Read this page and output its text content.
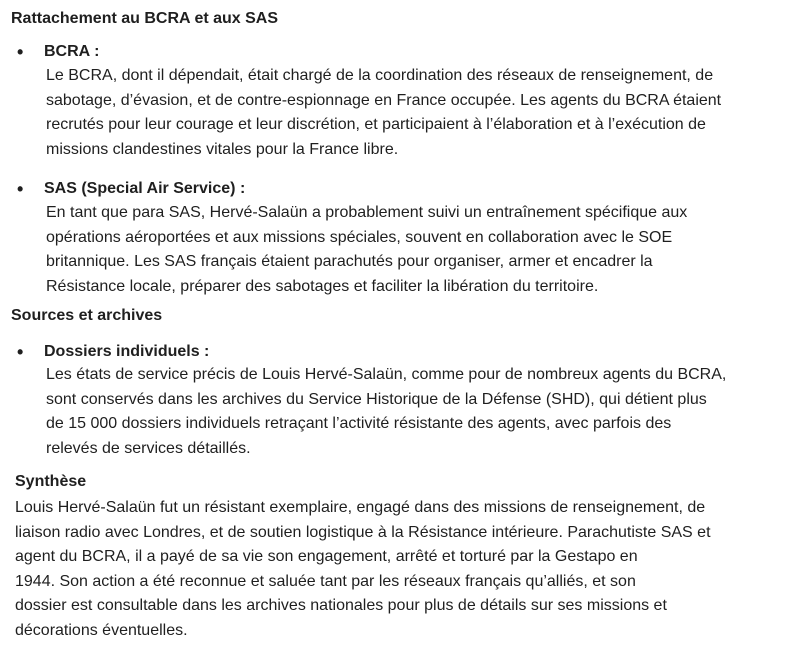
Rattachement au BCRA et aux SAS
• BCRA :
Le BCRA, dont il dépendait, était chargé de la coordination des réseaux de renseignement, de
sabotage, d’évasion, et de contre-espionnage en France occupée. Les agents du BCRA étaient
recrutés pour leur courage et leur discrétion, et participaient à l’élaboration et à l’exécution de
missions clandestines vitales pour la France libre.
• SAS (Special Air Service) :
En tant que para SAS, Hervé-Salaün a probablement suivi un entraînement spécifique aux
opérations aéroportées et aux missions spéciales, souvent en collaboration avec le SOE
britannique. Les SAS français étaient parachutés pour organiser, armer et encadrer la
Résistance locale, préparer des sabotages et faciliter la libération du territoire.
Sources et archives
• Dossiers individuels :
Les états de service précis de Louis Hervé-Salaün, comme pour de nombreux agents du BCRA,
sont conservés dans les archives du Service Historique de la Défense (SHD), qui détient plus
de 15 000 dossiers individuels retraçant l’activité résistante des agents, avec parfois des
relevés de services détaillés.
Synthèse
Louis Hervé-Salaün fut un résistant exemplaire, engagé dans des missions de renseignement, de
liaison radio avec Londres, et de soutien logistique à la Résistance intérieure. Parachutiste SAS et
agent du BCRA, il a payé de sa vie son engagement, arrêté et torturé par la Gestapo en
1944. Son action a été reconnue et saluée tant par les réseaux français qu’alliés, et son
dossier est consultable dans les archives nationales pour plus de détails sur ses missions et
décorations éventuelles.
